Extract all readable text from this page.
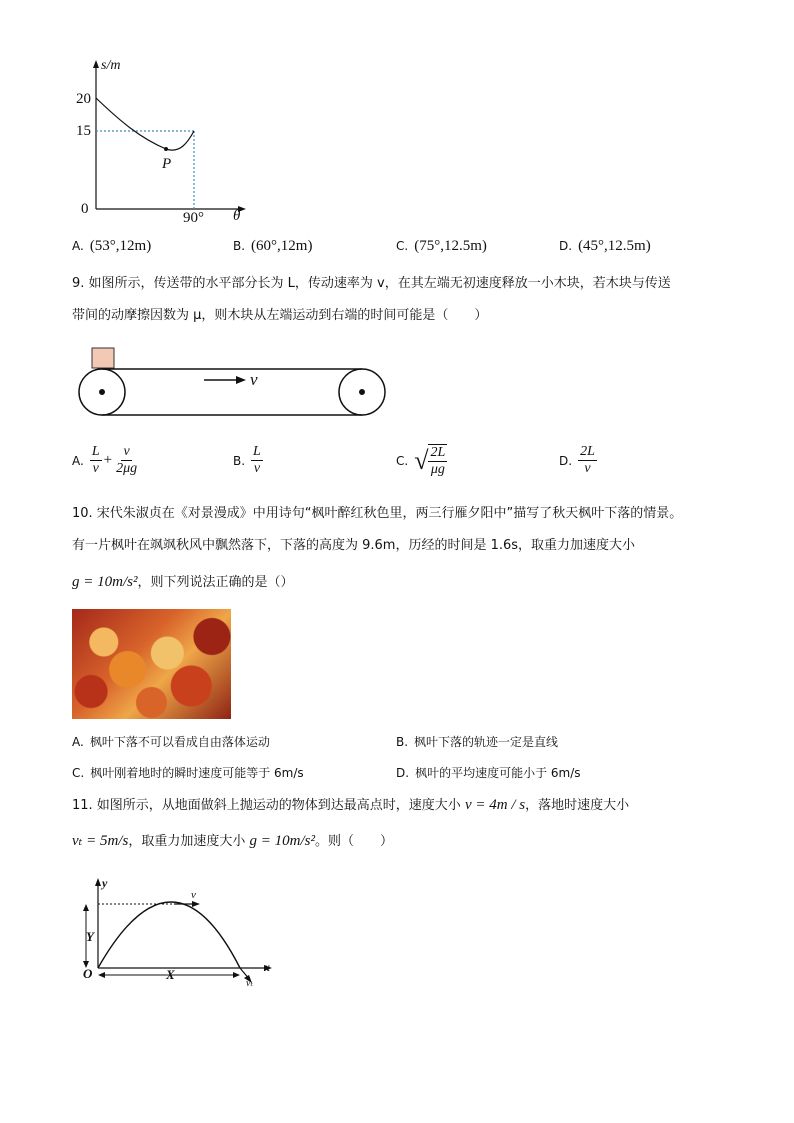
s/m
20
15
0
90° θ
P
A. (53°,12m)	B. (60°,12m)	C. (75°,12.5m)	D. (45°,12.5m)
9. 如图所示，传送带的水平部分长为 L，传动速率为 v，在其左端无初速度释放一小木块，若木块与传送
带间的动摩擦因数为 μ，则木块从左端运动到右端的时间可能是（　　）
v
A. $\frac{L}{v} + \frac{v}{2\mu g}$	B. $\frac{L}{v}$	C. √ $\frac{2L}{\mu g}$	D. $\frac{2L}{v}$
10. 宋代朱淑贞在《对景漫成》中用诗句“枫叶醉红秋色里，两三行雁夕阳中”描写了秋天枫叶下落的情景。
有一片枫叶在飒飒秋风中飘然落下，下落的高度为 9.6m，历经的时间是 1.6s，取重力加速度大小
g = 10m/s²，则下列说法正确的是（）
A. 枫叶下落不可以看成自由落体运动	B. 枫叶下落的轨迹一定是直线
C. 枫叶刚着地时的瞬时速度可能等于 6m/s	D. 枫叶的平均速度可能小于 6m/s
11. 如图所示，从地面做斜上抛运动的物体到达最高点时，速度大小 v = 4m / s，落地时速度大小
vₜ = 5m/s，取重力加速度大小 g = 10m/s²。则（　　）
y
x
O
Y
X
v
vₜ
